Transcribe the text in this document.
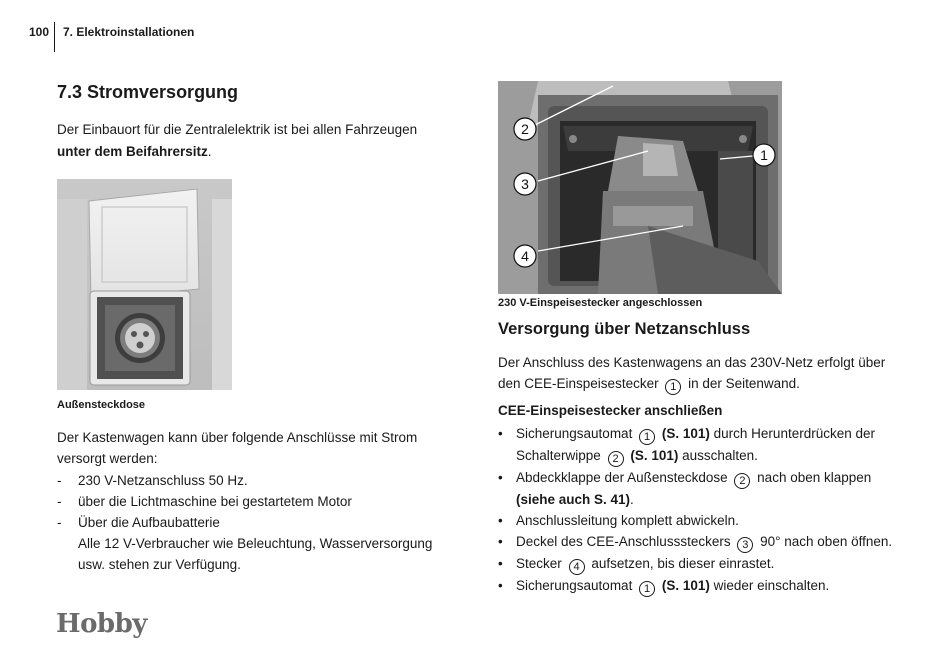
100 7. Elektroinstallationen
7.3 Stromversorgung
Der Einbauort für die Zentralelektrik ist bei allen Fahrzeugen
unter dem Beifahrersitz.
Außensteckdose
Der Kastenwagen kann über folgende Anschlüsse mit Strom versorgt werden:
- 230 V-Netzanschluss 50 Hz.
- über die Lichtmaschine bei gestartetem Motor
- Über die Aufbaubatterie
Alle 12 V-Verbraucher wie Beleuchtung, Wasserversorgung usw. stehen zur Verfügung.
Hobby
2
1
3
4
230 V-Einspeisestecker angeschlossen
Versorgung über Netzanschluss
Der Anschluss des Kastenwagens an das 230V-Netz erfolgt über den CEE-Einspeisestecker 1 in der Seitenwand.
CEE-Einspeisestecker anschließen
• Sicherungsautomat 1 (S. 101) durch Herunterdrücken der Schalterwippe 2 (S. 101) ausschalten.
• Abdeckklappe der Außensteckdose 2 nach oben klappen (siehe auch S. 41).
• Anschlussleitung komplett abwickeln.
• Deckel des CEE-Anschlusssteckers 3 90° nach oben öffnen.
• Stecker 4 aufsetzen, bis dieser einrastet.
• Sicherungsautomat 1 (S. 101) wieder einschalten.
